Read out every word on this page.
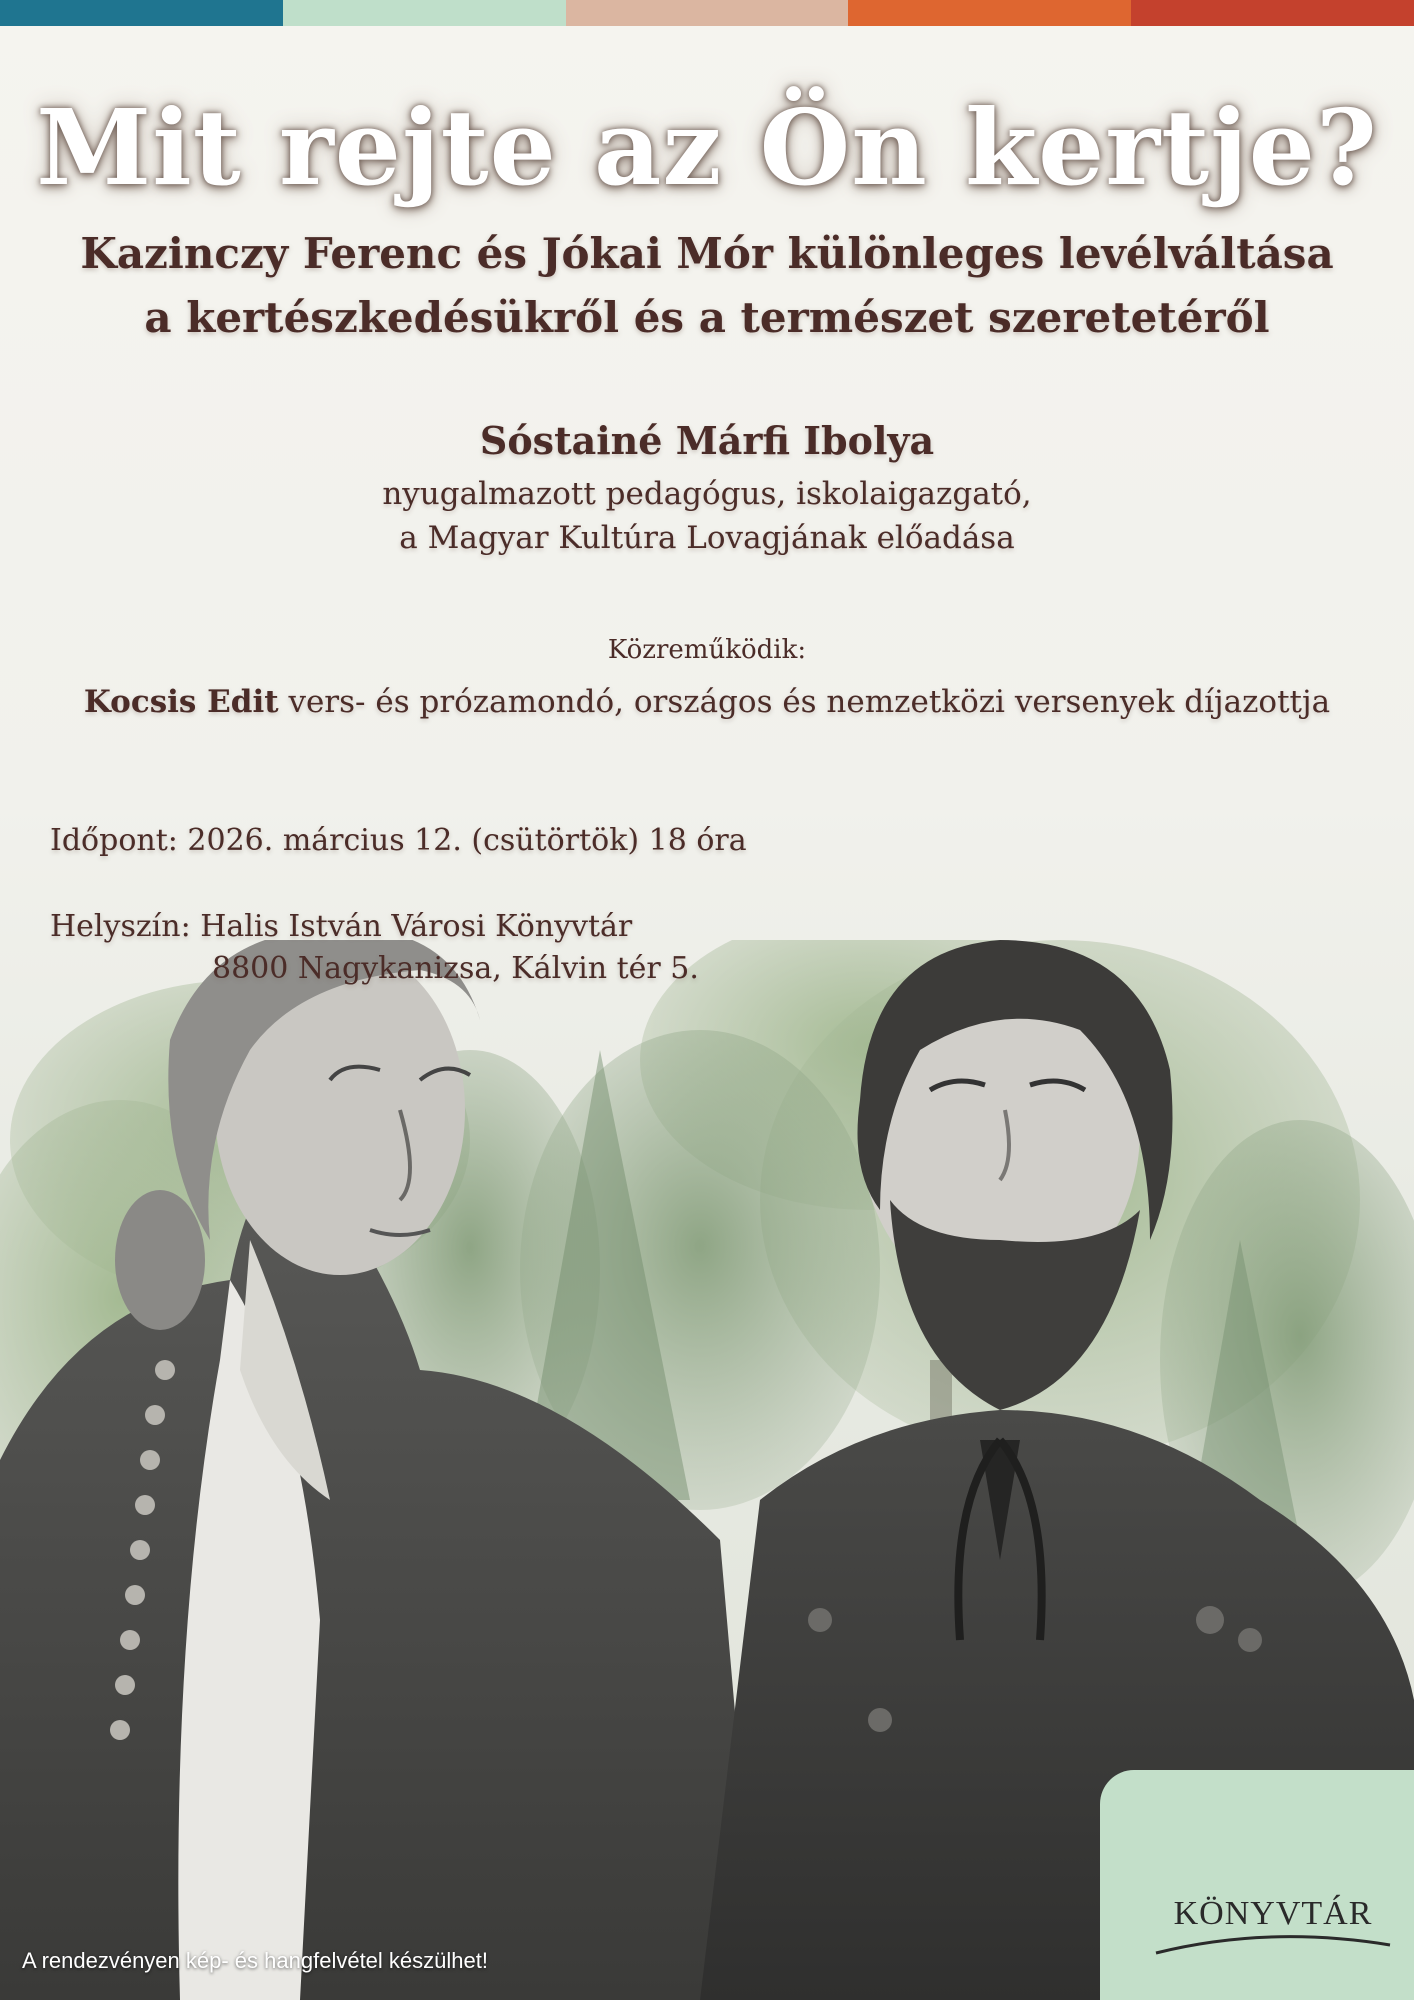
Mit rejte az Ön kertje?
Kazinczy Ferenc és Jókai Mór különleges levélváltása
a kertészkedésükről és a természet szeretetéről
Sóstainé Márfi Ibolya
nyugalmazott pedagógus, iskolaigazgató,
a Magyar Kultúra Lovagjának előadása
Közreműködik:
Kocsis Edit vers- és prózamondó, országos és nemzetközi versenyek díjazottja
Időpont: 2026. március 12. (csütörtök) 18 óra
Helyszín: Halis István Városi Könyvtár
8800 Nagykanizsa, Kálvin tér 5.
KÖNYVTÁR
A rendezvényen kép- és hangfelvétel készülhet!
